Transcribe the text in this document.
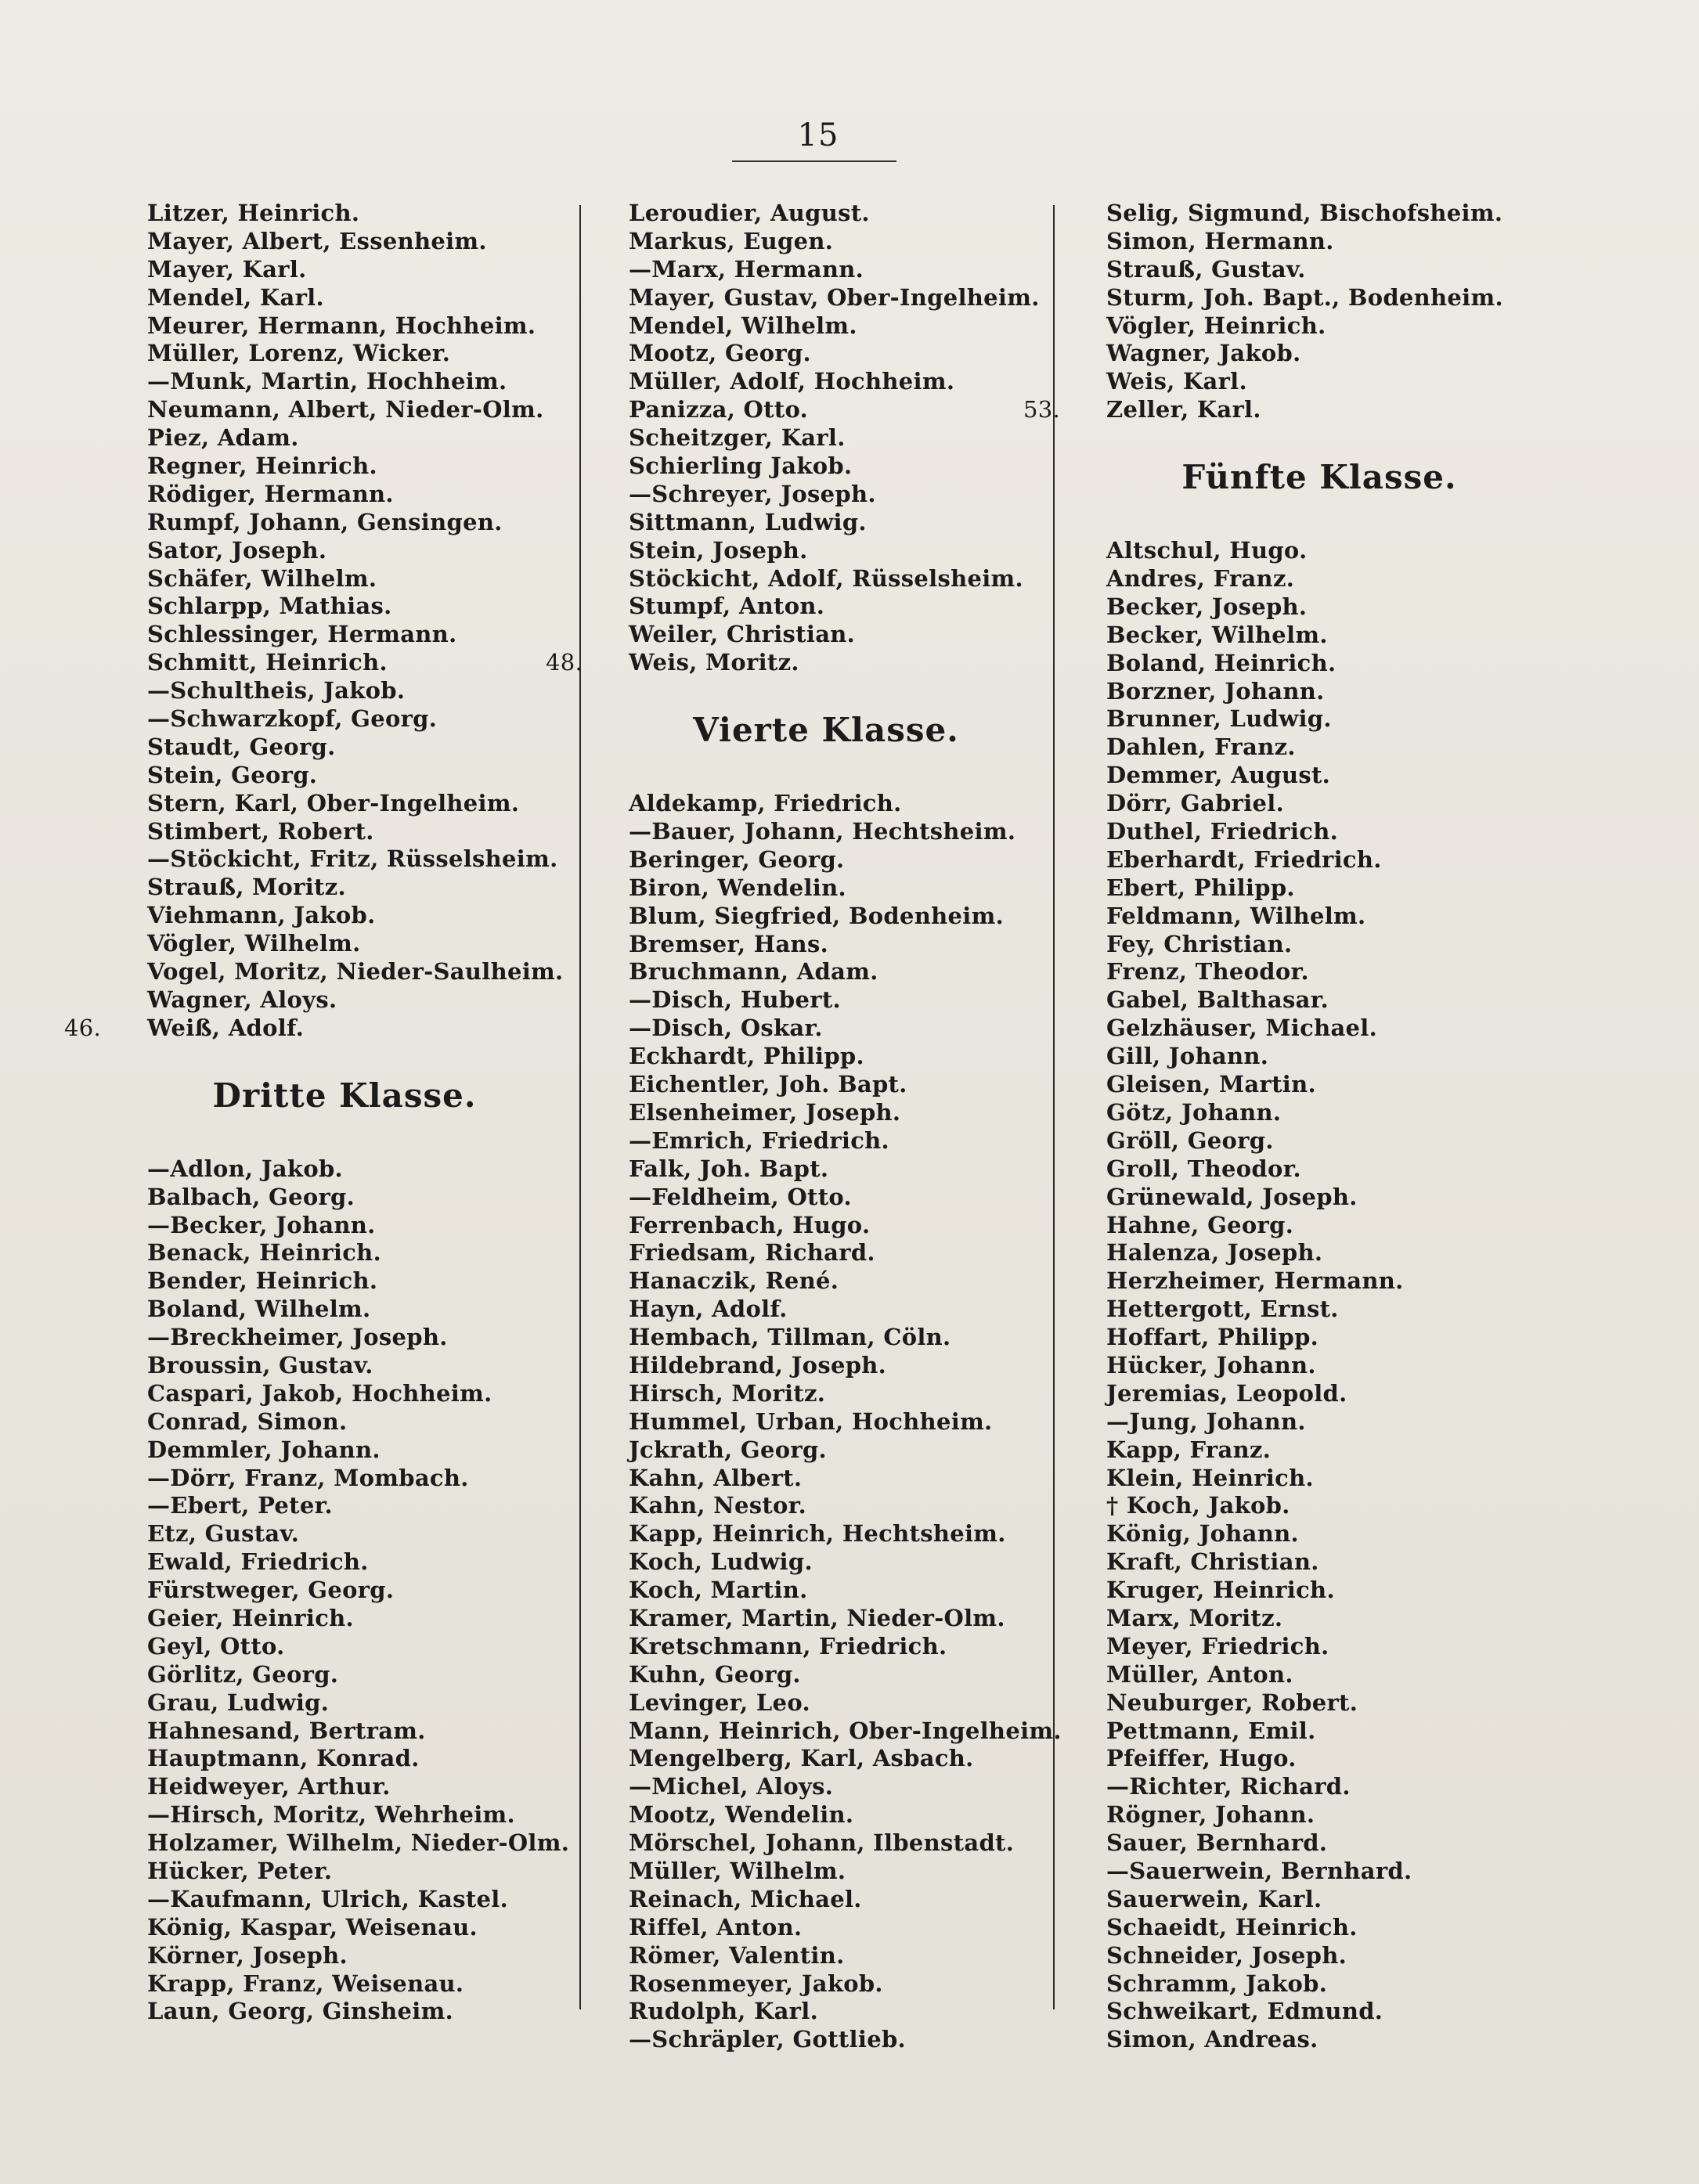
15
Litzer, Heinrich.
Mayer, Albert, Essenheim.
Mayer, Karl.
Mendel, Karl.
Meurer, Hermann, Hochheim.
Müller, Lorenz, Wicker.
—Munk, Martin, Hochheim.
Neumann, Albert, Nieder-Olm.
Piez, Adam.
Regner, Heinrich.
Rödiger, Hermann.
Rumpf, Johann, Gensingen.
Sator, Joseph.
Schäfer, Wilhelm.
Schlarpp, Mathias.
Schlessinger, Hermann.
Schmitt, Heinrich.
—Schultheis, Jakob.
—Schwarzkopf, Georg.
Staudt, Georg.
Stein, Georg.
Stern, Karl, Ober-Ingelheim.
Stimbert, Robert.
—Stöckicht, Fritz, Rüsselsheim.
Strauß, Moritz.
Viehmann, Jakob.
Vögler, Wilhelm.
Vogel, Moritz, Nieder-Saulheim.
Wagner, Aloys.
46.	Weiß, Adolf.
Dritte Klasse.
—Adlon, Jakob.
Balbach, Georg.
—Becker, Johann.
Benack, Heinrich.
Bender, Heinrich.
Boland, Wilhelm.
—Breckheimer, Joseph.
Broussin, Gustav.
Caspari, Jakob, Hochheim.
Conrad, Simon.
Demmler, Johann.
—Dörr, Franz, Mombach.
—Ebert, Peter.
Etz, Gustav.
Ewald, Friedrich.
Fürstweger, Georg.
Geier, Heinrich.
Geyl, Otto.
Görlitz, Georg.
Grau, Ludwig.
Hahnesand, Bertram.
Hauptmann, Konrad.
Heidweyer, Arthur.
—Hirsch, Moritz, Wehrheim.
Holzamer, Wilhelm, Nieder-Olm.
Hücker, Peter.
—Kaufmann, Ulrich, Kastel.
König, Kaspar, Weisenau.
Körner, Joseph.
Krapp, Franz, Weisenau.
Laun, Georg, Ginsheim.
Leroudier, August.
Markus, Eugen.
—Marx, Hermann.
Mayer, Gustav, Ober-Ingelheim.
Mendel, Wilhelm.
Mootz, Georg.
Müller, Adolf, Hochheim.
Panizza, Otto.
Scheitzger, Karl.
Schierling Jakob.
—Schreyer, Joseph.
Sittmann, Ludwig.
Stein, Joseph.
Stöckicht, Adolf, Rüsselsheim.
Stumpf, Anton.
Weiler, Christian.
48.	Weis, Moritz.
Vierte Klasse.
Aldekamp, Friedrich.
—Bauer, Johann, Hechtsheim.
Beringer, Georg.
Biron, Wendelin.
Blum, Siegfried, Bodenheim.
Bremser, Hans.
Bruchmann, Adam.
—Disch, Hubert.
—Disch, Oskar.
Eckhardt, Philipp.
Eichentler, Joh. Bapt.
Elsenheimer, Joseph.
—Emrich, Friedrich.
Falk, Joh. Bapt.
—Feldheim, Otto.
Ferrenbach, Hugo.
Friedsam, Richard.
Hanaczik, René.
Hayn, Adolf.
Hembach, Tillman, Cöln.
Hildebrand, Joseph.
Hirsch, Moritz.
Hummel, Urban, Hochheim.
Jckrath, Georg.
Kahn, Albert.
Kahn, Nestor.
Kapp, Heinrich, Hechtsheim.
Koch, Ludwig.
Koch, Martin.
Kramer, Martin, Nieder-Olm.
Kretschmann, Friedrich.
Kuhn, Georg.
Levinger, Leo.
Mann, Heinrich, Ober-Ingelheim.
Mengelberg, Karl, Asbach.
—Michel, Aloys.
Mootz, Wendelin.
Mörschel, Johann, Ilbenstadt.
Müller, Wilhelm.
Reinach, Michael.
Riffel, Anton.
Römer, Valentin.
Rosenmeyer, Jakob.
Rudolph, Karl.
—Schräpler, Gottlieb.
Selig, Sigmund, Bischofsheim.
Simon, Hermann.
Strauß, Gustav.
Sturm, Joh. Bapt., Bodenheim.
Vögler, Heinrich.
Wagner, Jakob.
Weis, Karl.
53.	Zeller, Karl.
Fünfte Klasse.
Altschul, Hugo.
Andres, Franz.
Becker, Joseph.
Becker, Wilhelm.
Boland, Heinrich.
Borzner, Johann.
Brunner, Ludwig.
Dahlen, Franz.
Demmer, August.
Dörr, Gabriel.
Duthel, Friedrich.
Eberhardt, Friedrich.
Ebert, Philipp.
Feldmann, Wilhelm.
Fey, Christian.
Frenz, Theodor.
Gabel, Balthasar.
Gelzhäuser, Michael.
Gill, Johann.
Gleisen, Martin.
Götz, Johann.
Gröll, Georg.
Groll, Theodor.
Grünewald, Joseph.
Hahne, Georg.
Halenza, Joseph.
Herzheimer, Hermann.
Hettergott, Ernst.
Hoffart, Philipp.
Hücker, Johann.
Jeremias, Leopold.
—Jung, Johann.
Kapp, Franz.
Klein, Heinrich.
† Koch, Jakob.
König, Johann.
Kraft, Christian.
Kruger, Heinrich.
Marx, Moritz.
Meyer, Friedrich.
Müller, Anton.
Neuburger, Robert.
Pettmann, Emil.
Pfeiffer, Hugo.
—Richter, Richard.
Rögner, Johann.
Sauer, Bernhard.
—Sauerwein, Bernhard.
Sauerwein, Karl.
Schaeidt, Heinrich.
Schneider, Joseph.
Schramm, Jakob.
Schweikart, Edmund.
Simon, Andreas.
